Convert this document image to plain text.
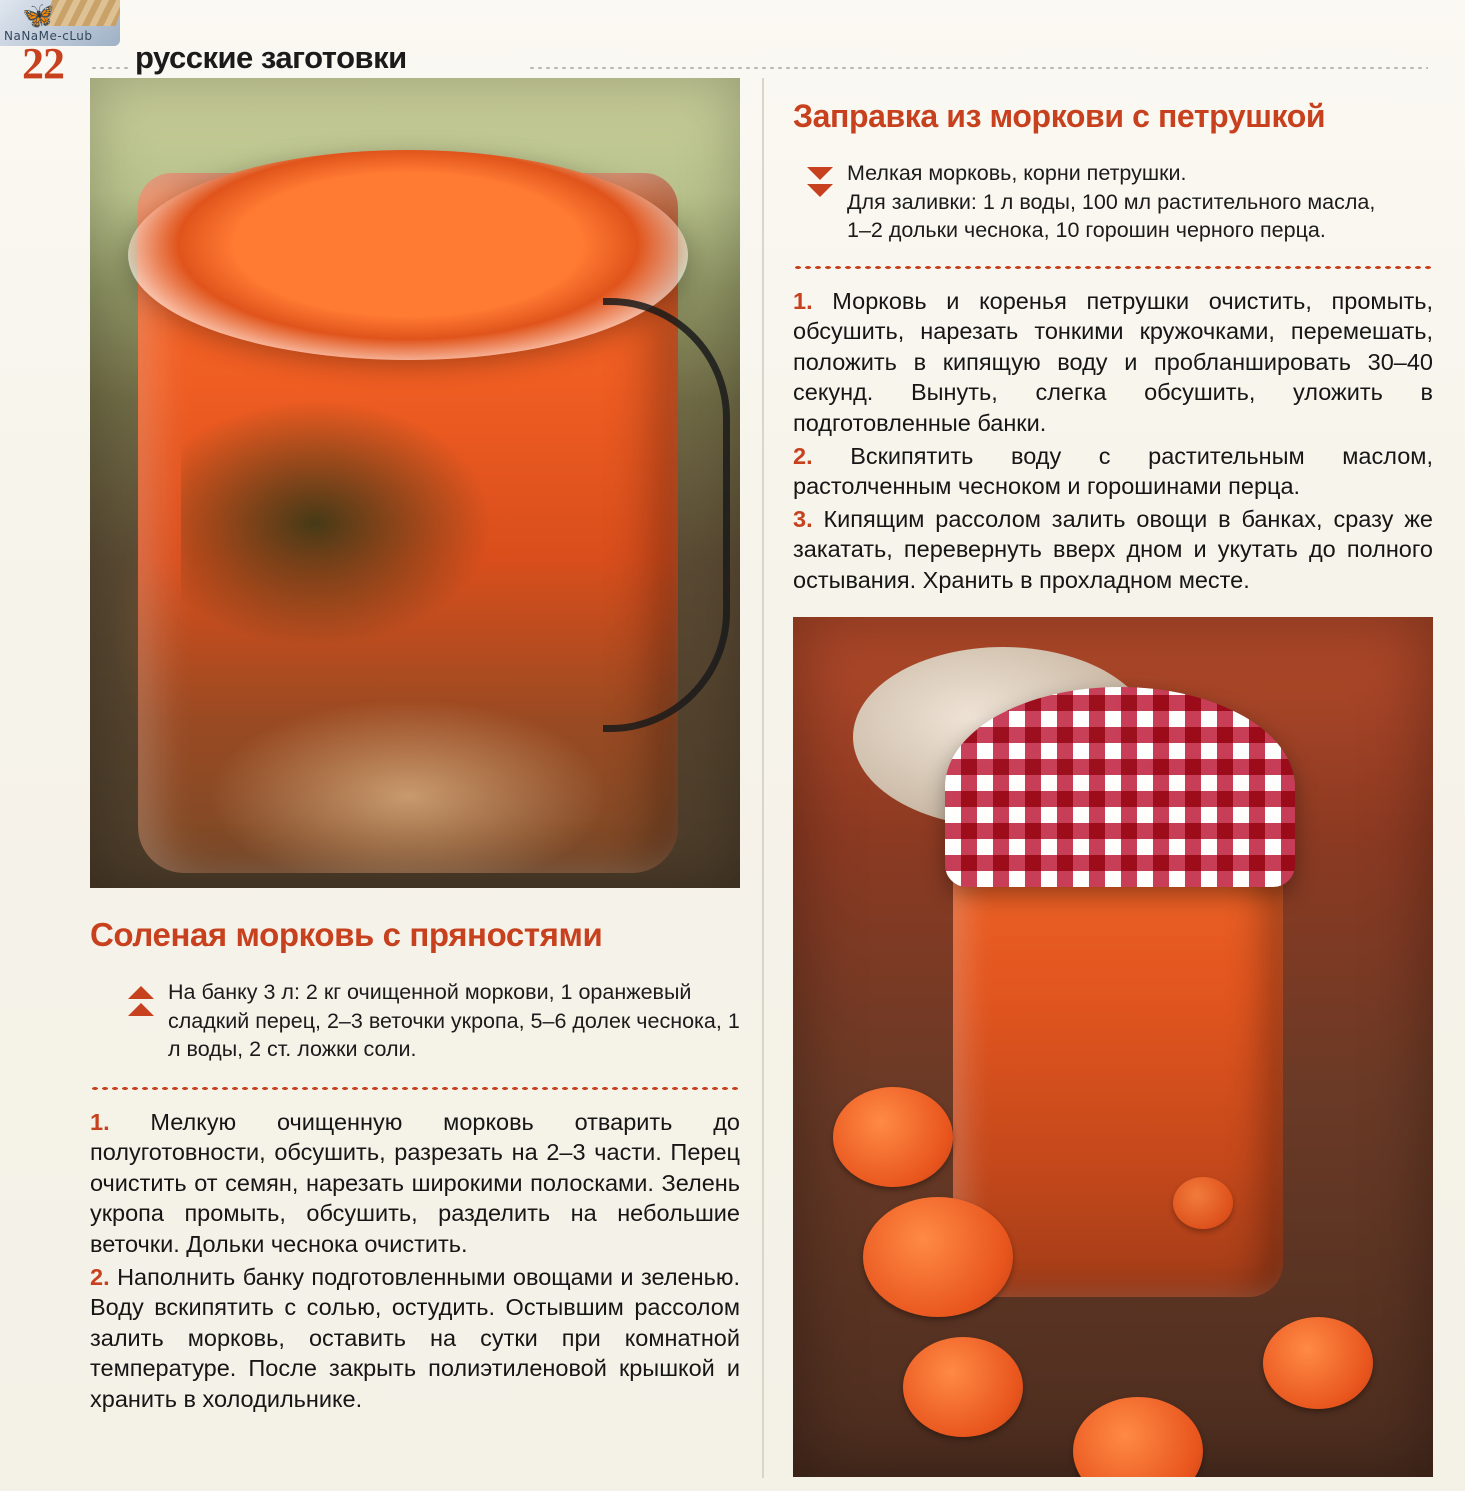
🦋
NaNaMe-cLub
22 русские заготовки
Соленая морковь с пряностями
На банку 3 л: 2 кг очищенной моркови, 1 оранжевый сладкий перец, 2–3 веточки укропа, 5–6 долек чеснока, 1 л воды, 2 ст. ложки соли.

1. Мелкую очищенную морковь отварить до полуготовности, обсушить, разрезать на 2–3 части. Перец очистить от семян, нарезать широкими полосками. Зелень укропа промыть, обсушить, разделить на небольшие веточки. Дольки чеснока очистить.

2. Наполнить банку подготовленными овощами и зеленью. Воду вскипятить с солью, остудить. Остывшим рассолом залить морковь, оставить на сутки при комнатной температуре. После закрыть полиэтиленовой крышкой и хранить в холодильнике.

Заправка из моркови с петрушкой
Мелкая морковь, корни петрушки.
Для заливки: 1 л воды, 100 мл растительного масла,
1–2 дольки чеснока, 10 горошин черного перца.

1. Морковь и коренья петрушки очистить, промыть, обсушить, нарезать тонкими кружочками, перемешать, положить в кипящую воду и пробланшировать 30–40 секунд. Вынуть, слегка обсушить, уложить в подготовленные банки.

2. Вскипятить воду с растительным маслом, растолченным чесноком и горошинами перца.

3. Кипящим рассолом залить овощи в банках, сразу же закатать, перевернуть вверх дном и укутать до полного остывания. Хранить в прохладном месте.
